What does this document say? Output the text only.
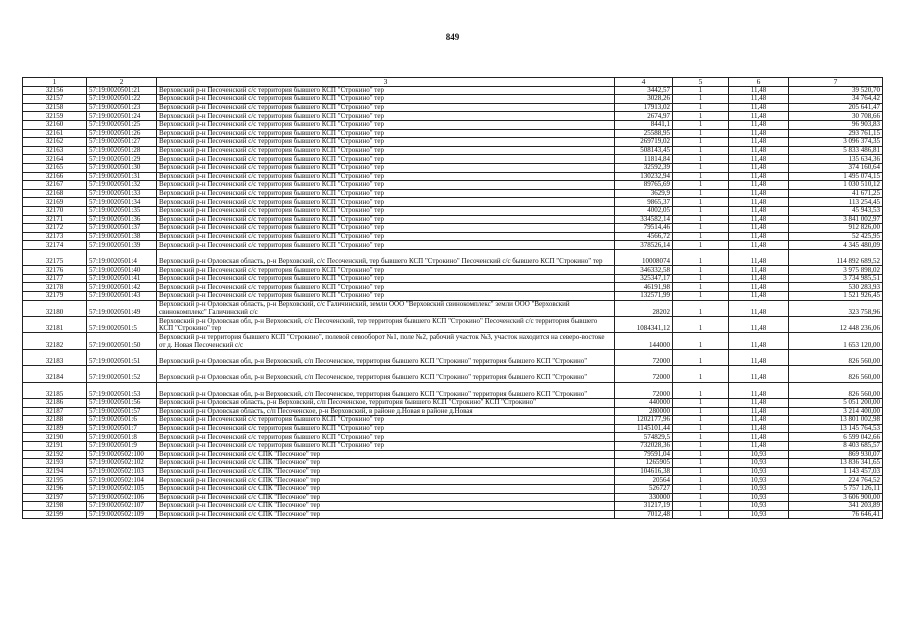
849
1	2	3	4	5	6	7
32156	57:19:0020501:21	Верховский р-н Песоченский с/с территория бывшего КСП "Строкино" тер	3442,57	1	11,48	39 520,70
32157	57:19:0020501:22	Верховский р-н Песоченский с/с территория бывшего КСП "Строкино" тер	3028,26	1	11,48	34 764,42
32158	57:19:0020501:23	Верховский р-н Песоченский с/с территория бывшего КСП "Строкино" тер	17913,02	1	11,48	205 641,47
32159	57:19:0020501:24	Верховский р-н Песоченский с/с территория бывшего КСП "Строкино" тер	2674,97	1	11,48	30 708,66
32160	57:19:0020501:25	Верховский р-н Песоченский с/с территория бывшего КСП "Строкино" тер	8441,1	1	11,48	96 903,83
32161	57:19:0020501:26	Верховский р-н Песоченский с/с территория бывшего КСП "Строкино" тер	25588,95	1	11,48	293 761,15
32162	57:19:0020501:27	Верховский р-н Песоченский с/с территория бывшего КСП "Строкино" тер	269719,02	1	11,48	3 096 374,35
32163	57:19:0020501:28	Верховский р-н Песоченский с/с территория бывшего КСП "Строкино" тер	508143,45	1	11,48	5 833 486,81
32164	57:19:0020501:29	Верховский р-н Песоченский с/с территория бывшего КСП "Строкино" тер	11814,84	1	11,48	135 634,36
32165	57:19:0020501:30	Верховский р-н Песоченский с/с территория бывшего КСП "Строкино" тер	32592,39	1	11,48	374 160,64
32166	57:19:0020501:31	Верховский р-н Песоченский с/с территория бывшего КСП "Строкино" тер	130232,94	1	11,48	1 495 074,15
32167	57:19:0020501:32	Верховский р-н Песоченский с/с территория бывшего КСП "Строкино" тер	89765,69	1	11,48	1 030 510,12
32168	57:19:0020501:33	Верховский р-н Песоченский с/с территория бывшего КСП "Строкино" тер	3629,9	1	11,48	41 671,25
32169	57:19:0020501:34	Верховский р-н Песоченский с/с территория бывшего КСП "Строкино" тер	9865,37	1	11,48	113 254,45
32170	57:19:0020501:35	Верховский р-н Песоченский с/с территория бывшего КСП "Строкино" тер	4002,05	1	11,48	45 943,53
32171	57:19:0020501:36	Верховский р-н Песоченский с/с территория бывшего КСП "Строкино" тер	334582,14	1	11,48	3 841 002,97
32172	57:19:0020501:37	Верховский р-н Песоченский с/с территория бывшего КСП "Строкино" тер	79514,46	1	11,48	912 826,00
32173	57:19:0020501:38	Верховский р-н Песоченский с/с территория бывшего КСП "Строкино" тер	4566,72	1	11,48	52 425,95
32174	57:19:0020501:39	Верховский р-н Песоченский с/с территория бывшего КСП "Строкино" тер	378526,14	1	11,48	4 345 480,09
32175	57:19:0020501:4	Верховский р-н Орловская область, р-н Верховский, с/с Песоченский, тер бывшего КСП "Строкино" Песоченский с/с бывшего КСП "Строкино" тер	10008074	1	11,48	114 892 689,52
32176	57:19:0020501:40	Верховский р-н Песоченский с/с территория бывшего КСП "Строкино" тер	346332,58	1	11,48	3 975 898,02
32177	57:19:0020501:41	Верховский р-н Песоченский с/с территория бывшего КСП "Строкино" тер	325347,17	1	11,48	3 734 985,51
32178	57:19:0020501:42	Верховский р-н Песоченский с/с территория бывшего КСП "Строкино" тер	46191,98	1	11,48	530 283,93
32179	57:19:0020501:43	Верховский р-н Песоченский с/с территория бывшего КСП "Строкино" тер	132571,99	1	11,48	1 521 926,45
32180	57:19:0020501:49	Верховский р-н Орловская область, р-н Верховский, с/с Галичинский, земли ООО "Верховский свинокомплекс" земли ООО "Верховский свинокомплекс" Галичинский с/с	28202	1	11,48	323 758,96
32181	57:19:0020501:5	Верховский р-н Орловская обл, р-н Верховский, с/с Песоченский, тер территория бывшего КСП "Строкино" Песоченский с/с территория бывшего КСП "Строкино" тер	1084341,12	1	11,48	12 448 236,06
32182	57:19:0020501:50	Верховский р-н территория бывшего КСП "Строкино", полевой севооборот №1, поле №2, рабочий участок №3, участок находится на северо-востоке от д. Новая Песоченский с/с	144000	1	11,48	1 653 120,00
32183	57:19:0020501:51	Верховский р-н Орловская обл, р-н Верховский, с/п Песоченское, территория бывшего КСП "Строкино" территория бывшего КСП "Строкино"	72000	1	11,48	826 560,00
32184	57:19:0020501:52	Верховский р-н Орловская обл, р-н Верховский, с/п Песоченское, территория бывшего КСП "Строкино" территория бывшего КСП "Строкино"	72000	1	11,48	826 560,00
32185	57:19:0020501:53	Верховский р-н Орловская обл, р-н Верховский, с/п Песоченское, территория бывшего КСП "Строкино" территория бывшего КСП "Строкино"	72000	1	11,48	826 560,00
32186	57:19:0020501:56	Верховский р-н Орловская область, р-н Верховский, с/п Песоченское, территория бывшего КСП "Строкино" КСП "Строкино"	440000	1	11,48	5 051 200,00
32187	57:19:0020501:57	Верховский р-н Орловская область, с/п Песоченское, р-н Верховский, в районе д.Новая в районе д.Новая	280000	1	11,48	3 214 400,00
32188	57:19:0020501:6	Верховский р-н Песоченский с/с территория бывшего КСП "Строкино" тер	1202177,96	1	11,48	13 801 002,98
32189	57:19:0020501:7	Верховский р-н Песоченский с/с территория бывшего КСП "Строкино" тер	1145101,44	1	11,48	13 145 764,53
32190	57:19:0020501:8	Верховский р-н Песоченский с/с территория бывшего КСП "Строкино" тер	574829,5	1	11,48	6 599 042,66
32191	57:19:0020501:9	Верховский р-н Песоченский с/с территория бывшего КСП "Строкино" тер	732028,36	1	11,48	8 403 685,57
32192	57:19:0020502:100	Верховский р-н Песоченский с/с СПК "Песочное" тер	79591,04	1	10,93	869 930,07
32193	57:19:0020502:102	Верховский р-н Песоченский с/с СПК "Песочное" тер	1265905	1	10,93	13 836 341,65
32194	57:19:0020502:103	Верховский р-н Песоченский с/с СПК "Песочное" тер	104616,38	1	10,93	1 143 457,03
32195	57:19:0020502:104	Верховский р-н Песоченский с/с СПК "Песочное" тер	20564	1	10,93	224 764,52
32196	57:19:0020502:105	Верховский р-н Песоченский с/с СПК "Песочное" тер	526727	1	10,93	5 757 126,11
32197	57:19:0020502:106	Верховский р-н Песоченский с/с СПК "Песочное" тер	330000	1	10,93	3 606 900,00
32198	57:19:0020502:107	Верховский р-н Песоченский с/с СПК "Песочное" тер	31217,19	1	10,93	341 203,89
32199	57:19:0020502:109	Верховский р-н Песоченский с/с СПК "Песочное" тер	7012,48	1	10,93	76 646,41
